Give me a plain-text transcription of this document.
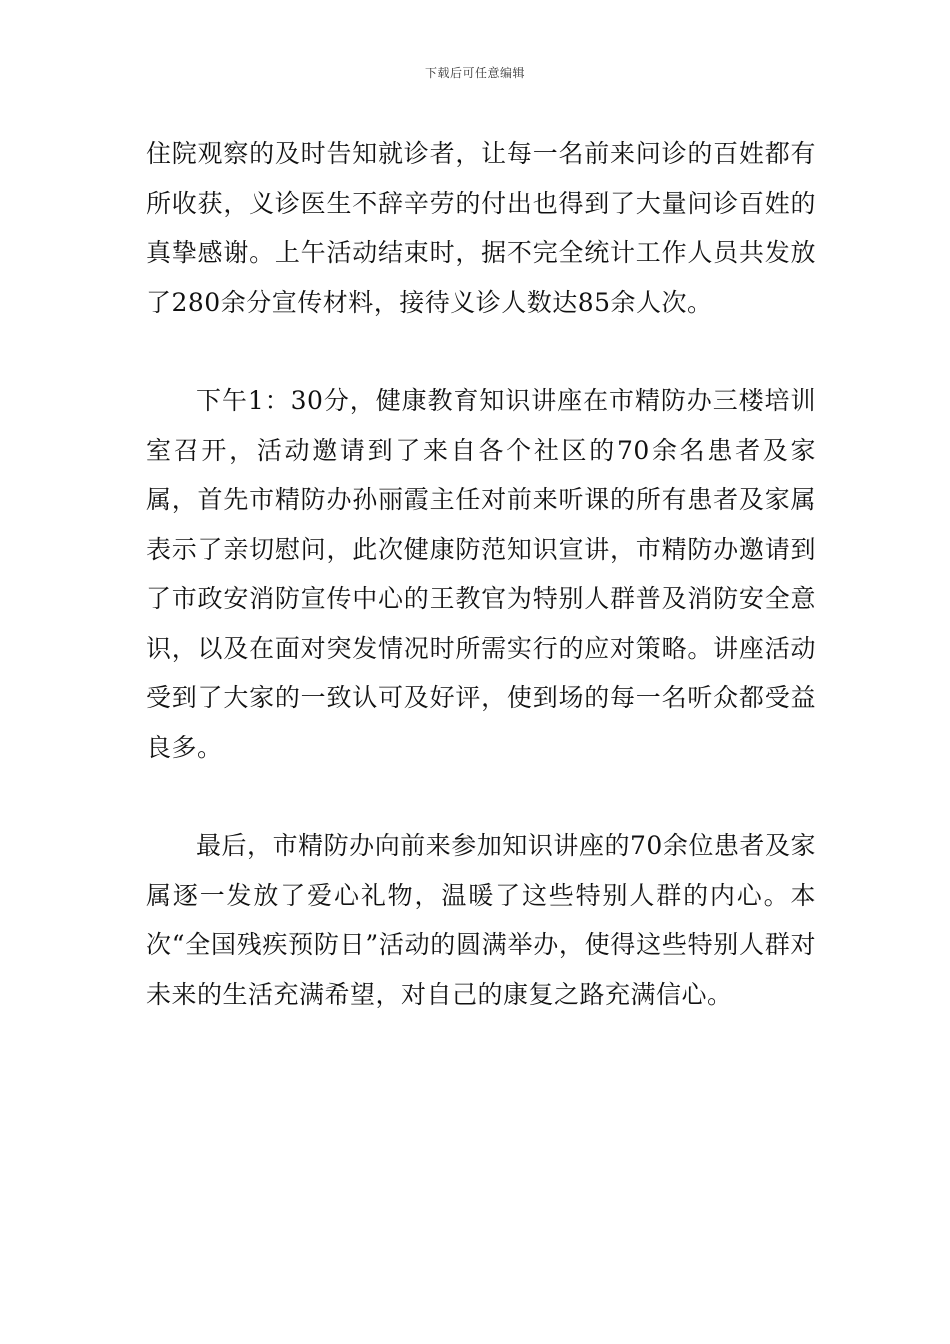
下载后可任意编辑

住院观察的及时告知就诊者，让每一名前来问诊的百姓都有所收获，义诊医生不辞辛劳的付出也得到了大量问诊百姓的真挚感谢。上午活动结束时，据不完全统计工作人员共发放了280余分宣传材料，接待义诊人数达85余人次。

下午1：30分，健康教育知识讲座在市精防办三楼培训室召开，活动邀请到了来自各个社区的70余名患者及家属，首先市精防办孙丽霞主任对前来听课的所有患者及家属表示了亲切慰问，此次健康防范知识宣讲，市精防办邀请到了市政安消防宣传中心的王教官为特别人群普及消防安全意识，以及在面对突发情况时所需实行的应对策略。讲座活动受到了大家的一致认可及好评，使到场的每一名听众都受益良多。

最后，市精防办向前来参加知识讲座的70余位患者及家属逐一发放了爱心礼物，温暖了这些特别人群的内心。本次“全国残疾预防日”活动的圆满举办，使得这些特别人群对未来的生活充满希望，对自己的康复之路充满信心。
